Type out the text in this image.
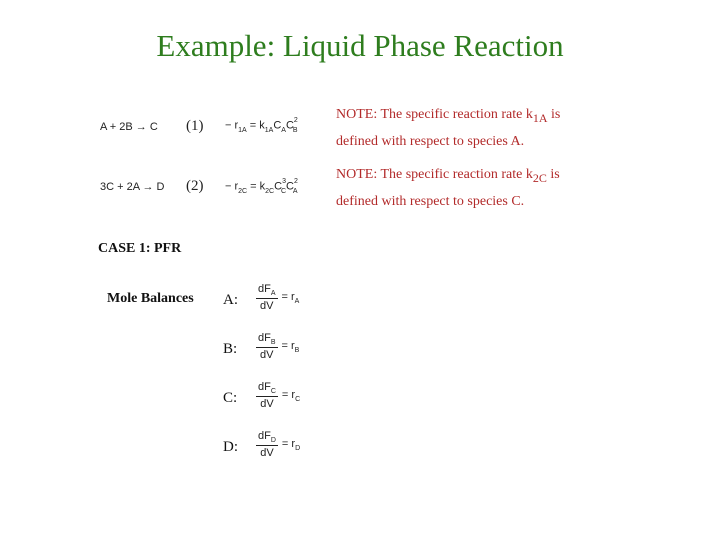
Example: Liquid Phase Reaction
A + 2B → C $(1) - r_{1A} = k_{1A}C_AC^2_B$
NOTE: The specific reaction rate $k_{1A}$ is
defined with respect to species A.
3C + 2A → D $(2) - r_{2C} = k_{2C}C^3_CC^2_A$
NOTE: The specific reaction rate $k_{2C}$ is
defined with respect to species C.
CASE 1: PFR
Mole Balances A: $\frac{dF_A}{dV} = r_A$
B: $\frac{dF_B}{dV} = r_B$
C: $\frac{dF_C}{dV} = r_C$
D: $\frac{dF_D}{dV} = r_D$
